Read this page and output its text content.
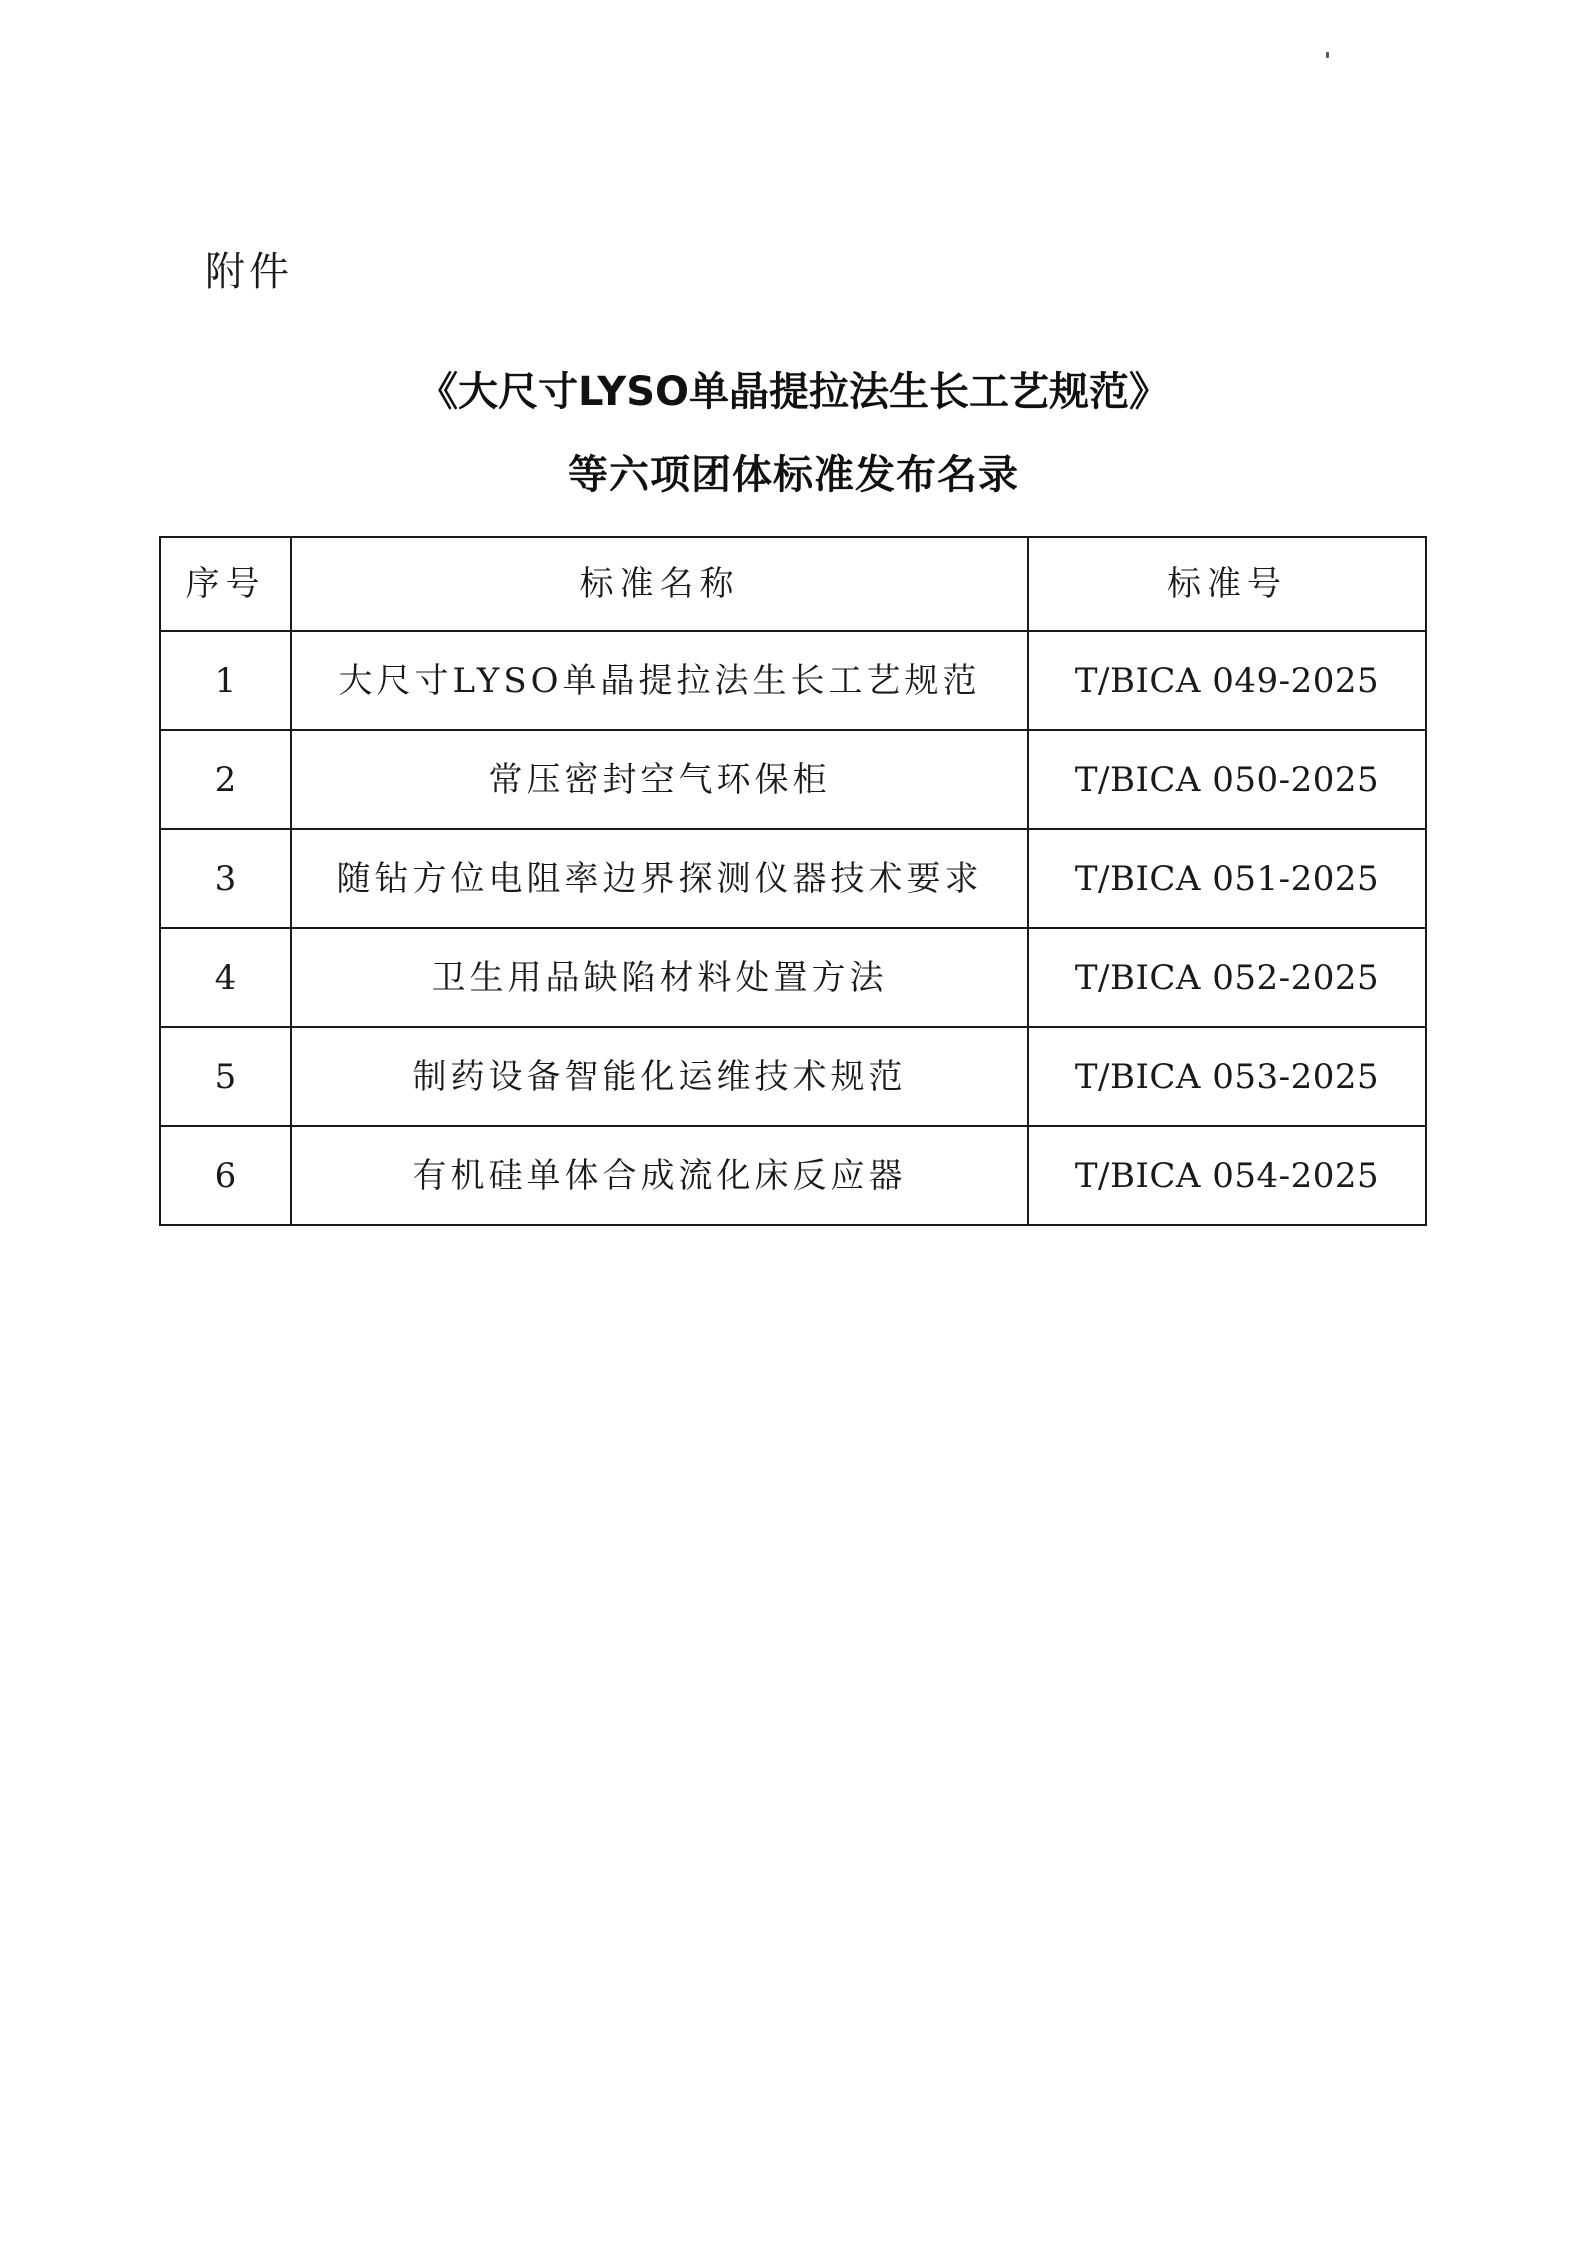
附件
《大尺寸LYSO单晶提拉法生长工艺规范》
等六项团体标准发布名录
序号	标准名称	标准号
1	大尺寸LYSO单晶提拉法生长工艺规范	T/BICA 049-2025
2	常压密封空气环保柜	T/BICA 050-2025
3	随钻方位电阻率边界探测仪器技术要求	T/BICA 051-2025
4	卫生用品缺陷材料处置方法	T/BICA 052-2025
5	制药设备智能化运维技术规范	T/BICA 053-2025
6	有机硅单体合成流化床反应器	T/BICA 054-2025
